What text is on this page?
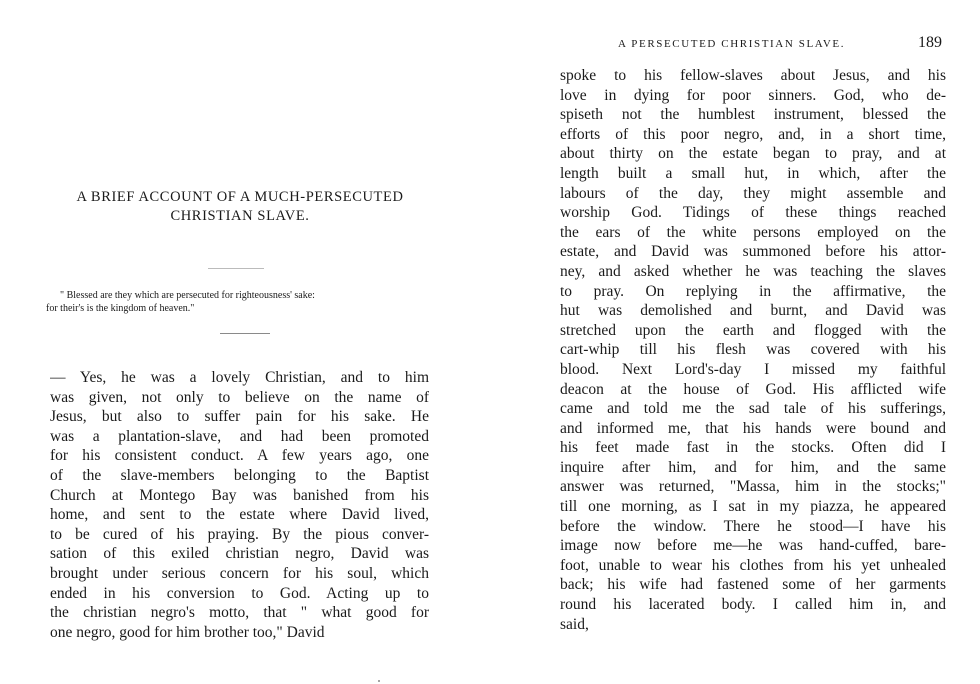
A BRIEF ACCOUNT OF A MUCH-PERSECUTED
CHRISTIAN SLAVE.

" Blessed are they which are persecuted for righteousness' sake:
for their's is the kingdom of heaven."

— Yes, he was a lovely Christian, and to him
was given, not only to believe on the name of
Jesus, but also to suffer pain for his sake. He
was a plantation-slave, and had been promoted
for his consistent conduct. A few years ago, one
of the slave-members belonging to the Baptist
Church at Montego Bay was banished from his
home, and sent to the estate where David lived,
to be cured of his praying. By the pious conver-
sation of this exiled christian negro, David was
brought under serious concern for his soul, which
ended in his conversion to God. Acting up to
the christian negro's motto, that " what good for
one negro, good for him brother too," David
A PERSECUTED CHRISTIAN SLAVE.	189
spoke to his fellow-slaves about Jesus, and his
love in dying for poor sinners. God, who de-
spiseth not the humblest instrument, blessed the
efforts of this poor negro, and, in a short time,
about thirty on the estate began to pray, and at
length built a small hut, in which, after the
labours of the day, they might assemble and
worship God. Tidings of these things reached
the ears of the white persons employed on the
estate, and David was summoned before his attor-
ney, and asked whether he was teaching the slaves
to pray. On replying in the affirmative, the
hut was demolished and burnt, and David was
stretched upon the earth and flogged with the
cart-whip till his flesh was covered with his
blood. Next Lord's-day I missed my faithful
deacon at the house of God. His afflicted wife
came and told me the sad tale of his sufferings,
and informed me, that his hands were bound and
his feet made fast in the stocks. Often did I
inquire after him, and for him, and the same
answer was returned, "Massa, him in the stocks;"
till one morning, as I sat in my piazza, he appeared
before the window. There he stood—I have his
image now before me—he was hand-cuffed, bare-
foot, unable to wear his clothes from his yet unhealed
back; his wife had fastened some of her garments
round his lacerated body. I called him in, and
said,
